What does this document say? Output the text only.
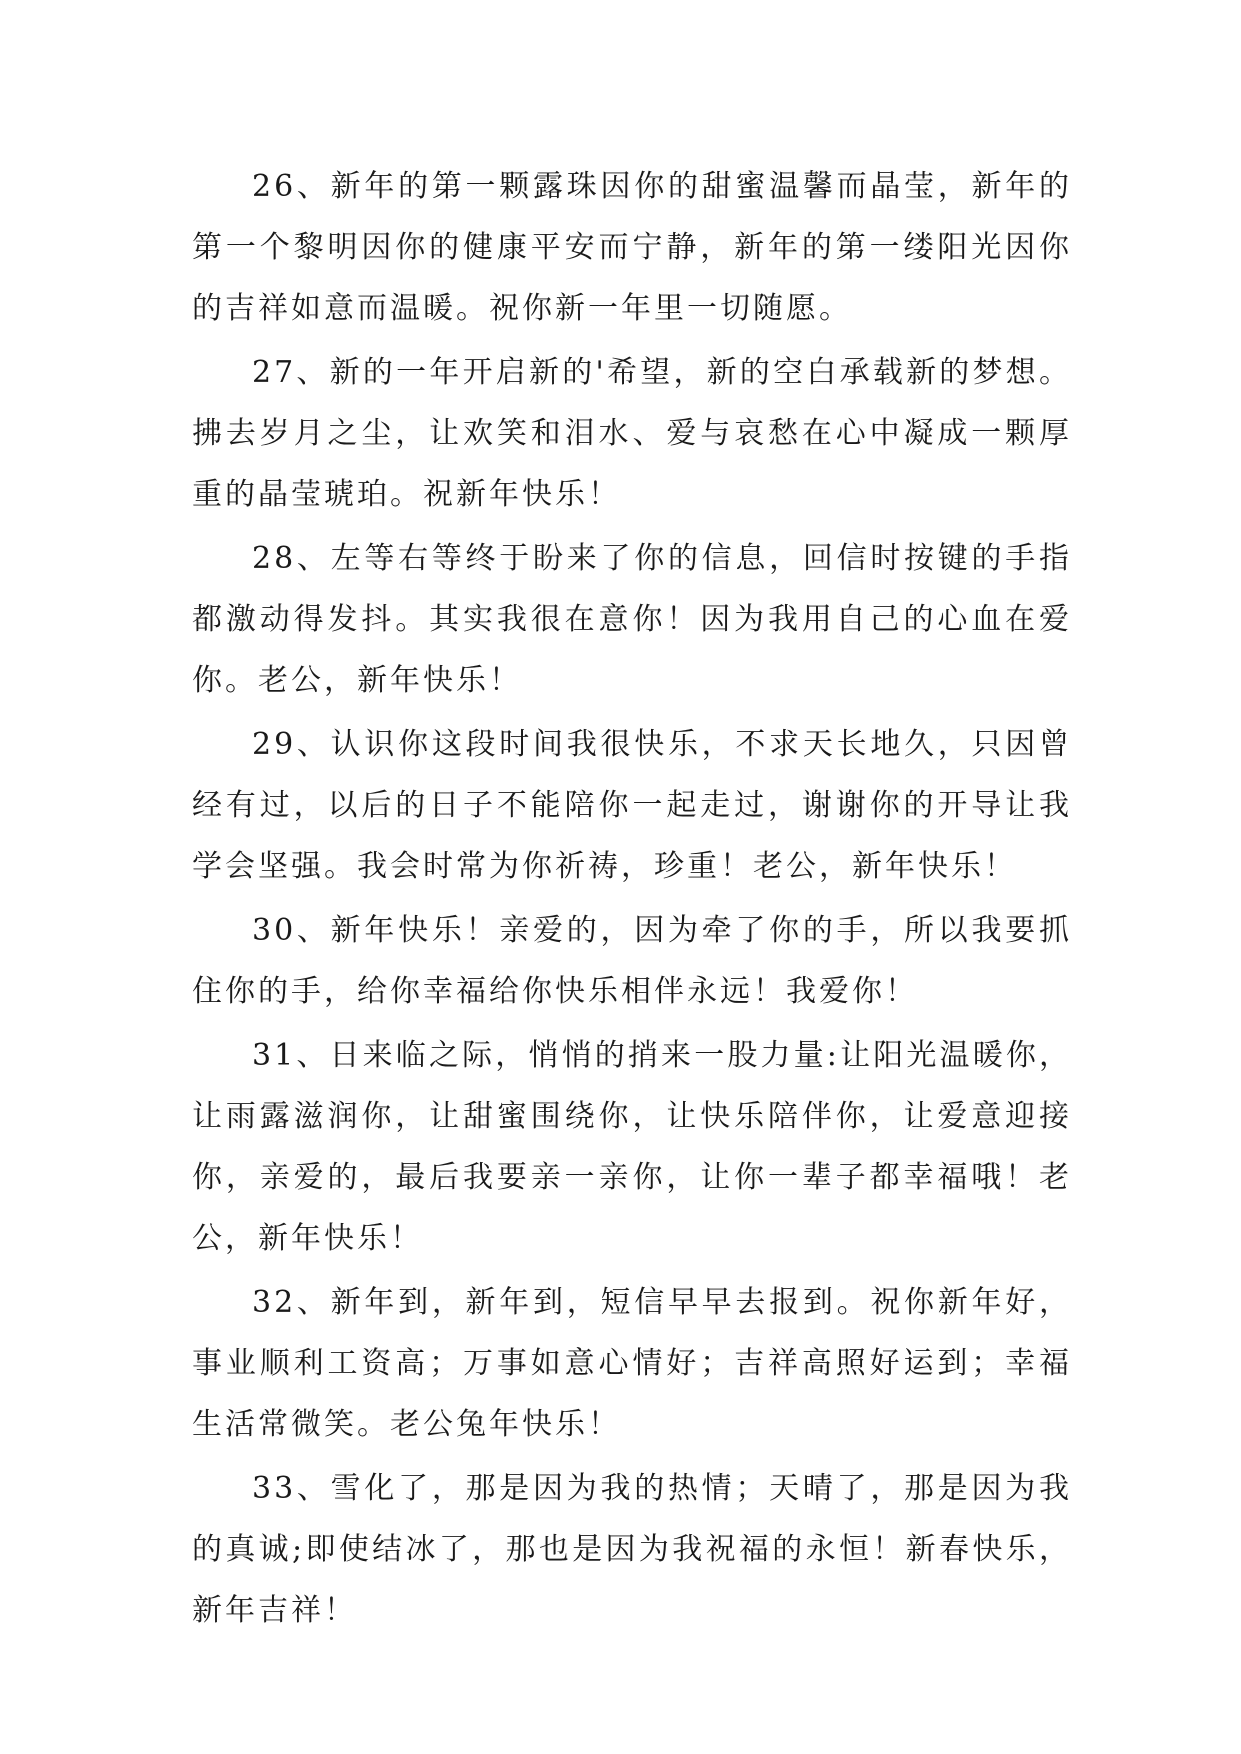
26、新年的第一颗露珠因你的甜蜜温馨而晶莹，新年的第一个黎明因你的健康平安而宁静，新年的第一缕阳光因你的吉祥如意而温暖。祝你新一年里一切随愿。

27、新的一年开启新的'希望，新的空白承载新的梦想。拂去岁月之尘，让欢笑和泪水、爱与哀愁在心中凝成一颗厚重的晶莹琥珀。祝新年快乐！

28、左等右等终于盼来了你的信息，回信时按键的手指都激动得发抖。其实我很在意你！因为我用自己的心血在爱你。老公，新年快乐！

29、认识你这段时间我很快乐，不求天长地久，只因曾经有过，以后的日子不能陪你一起走过，谢谢你的开导让我学会坚强。我会时常为你祈祷，珍重！老公，新年快乐！

30、新年快乐！亲爱的，因为牵了你的手，所以我要抓住你的手，给你幸福给你快乐相伴永远！我爱你！

31、日来临之际，悄悄的捎来一股力量:让阳光温暖你，让雨露滋润你，让甜蜜围绕你，让快乐陪伴你，让爱意迎接你，亲爱的，最后我要亲一亲你，让你一辈子都幸福哦！老公，新年快乐！

32、新年到，新年到，短信早早去报到。祝你新年好，事业顺利工资高；万事如意心情好；吉祥高照好运到；幸福生活常微笑。老公兔年快乐！

33、雪化了，那是因为我的热情；天晴了，那是因为我的真诚;即使结冰了，那也是因为我祝福的永恒！新春快乐，新年吉祥！
